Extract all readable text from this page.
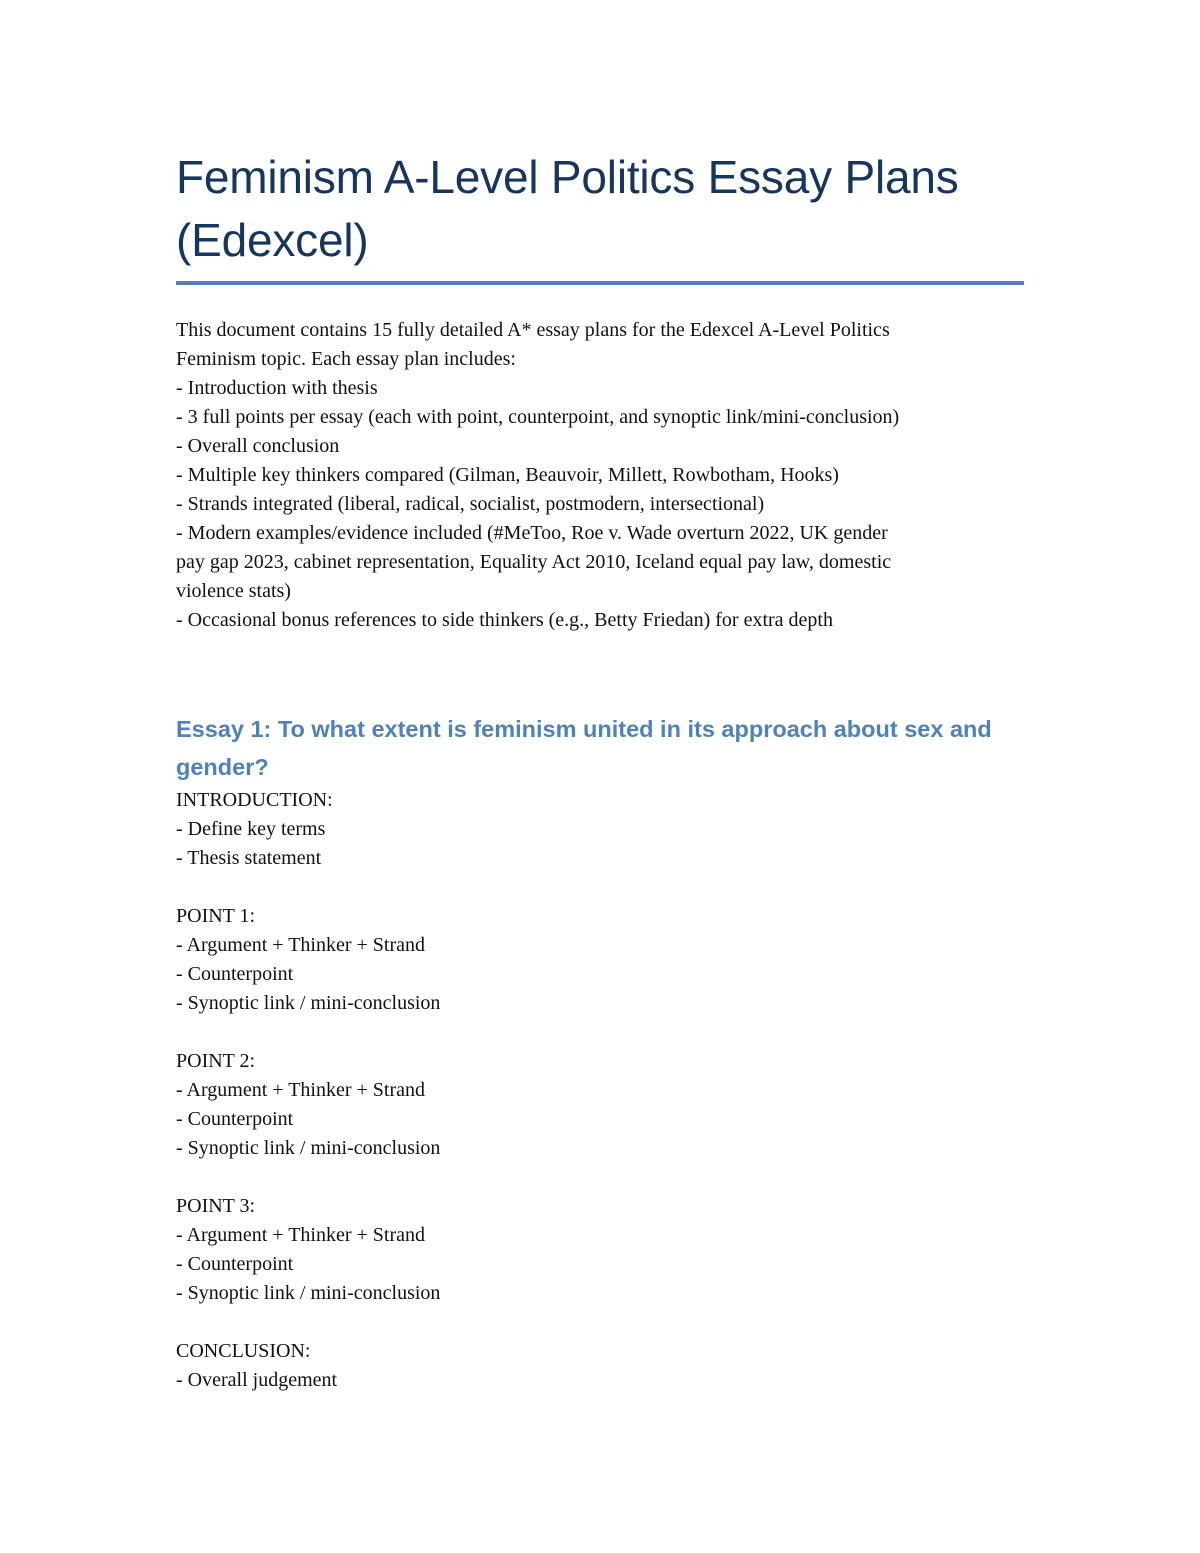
Feminism A-Level Politics Essay Plans
(Edexcel)

This document contains 15 fully detailed A* essay plans for the Edexcel A-Level Politics
Feminism topic. Each essay plan includes:
- Introduction with thesis
- 3 full points per essay (each with point, counterpoint, and synoptic link/mini-conclusion)
- Overall conclusion
- Multiple key thinkers compared (Gilman, Beauvoir, Millett, Rowbotham, Hooks)
- Strands integrated (liberal, radical, socialist, postmodern, intersectional)
- Modern examples/evidence included (#MeToo, Roe v. Wade overturn 2022, UK gender
pay gap 2023, cabinet representation, Equality Act 2010, Iceland equal pay law, domestic
violence stats)
- Occasional bonus references to side thinkers (e.g., Betty Friedan) for extra depth

Essay 1: To what extent is feminism united in its approach about sex and
gender?
INTRODUCTION:
- Define key terms
- Thesis statement
POINT 1:
- Argument + Thinker + Strand
- Counterpoint
- Synoptic link / mini-conclusion
POINT 2:
- Argument + Thinker + Strand
- Counterpoint
- Synoptic link / mini-conclusion
POINT 3:
- Argument + Thinker + Strand
- Counterpoint
- Synoptic link / mini-conclusion
CONCLUSION:
- Overall judgement
